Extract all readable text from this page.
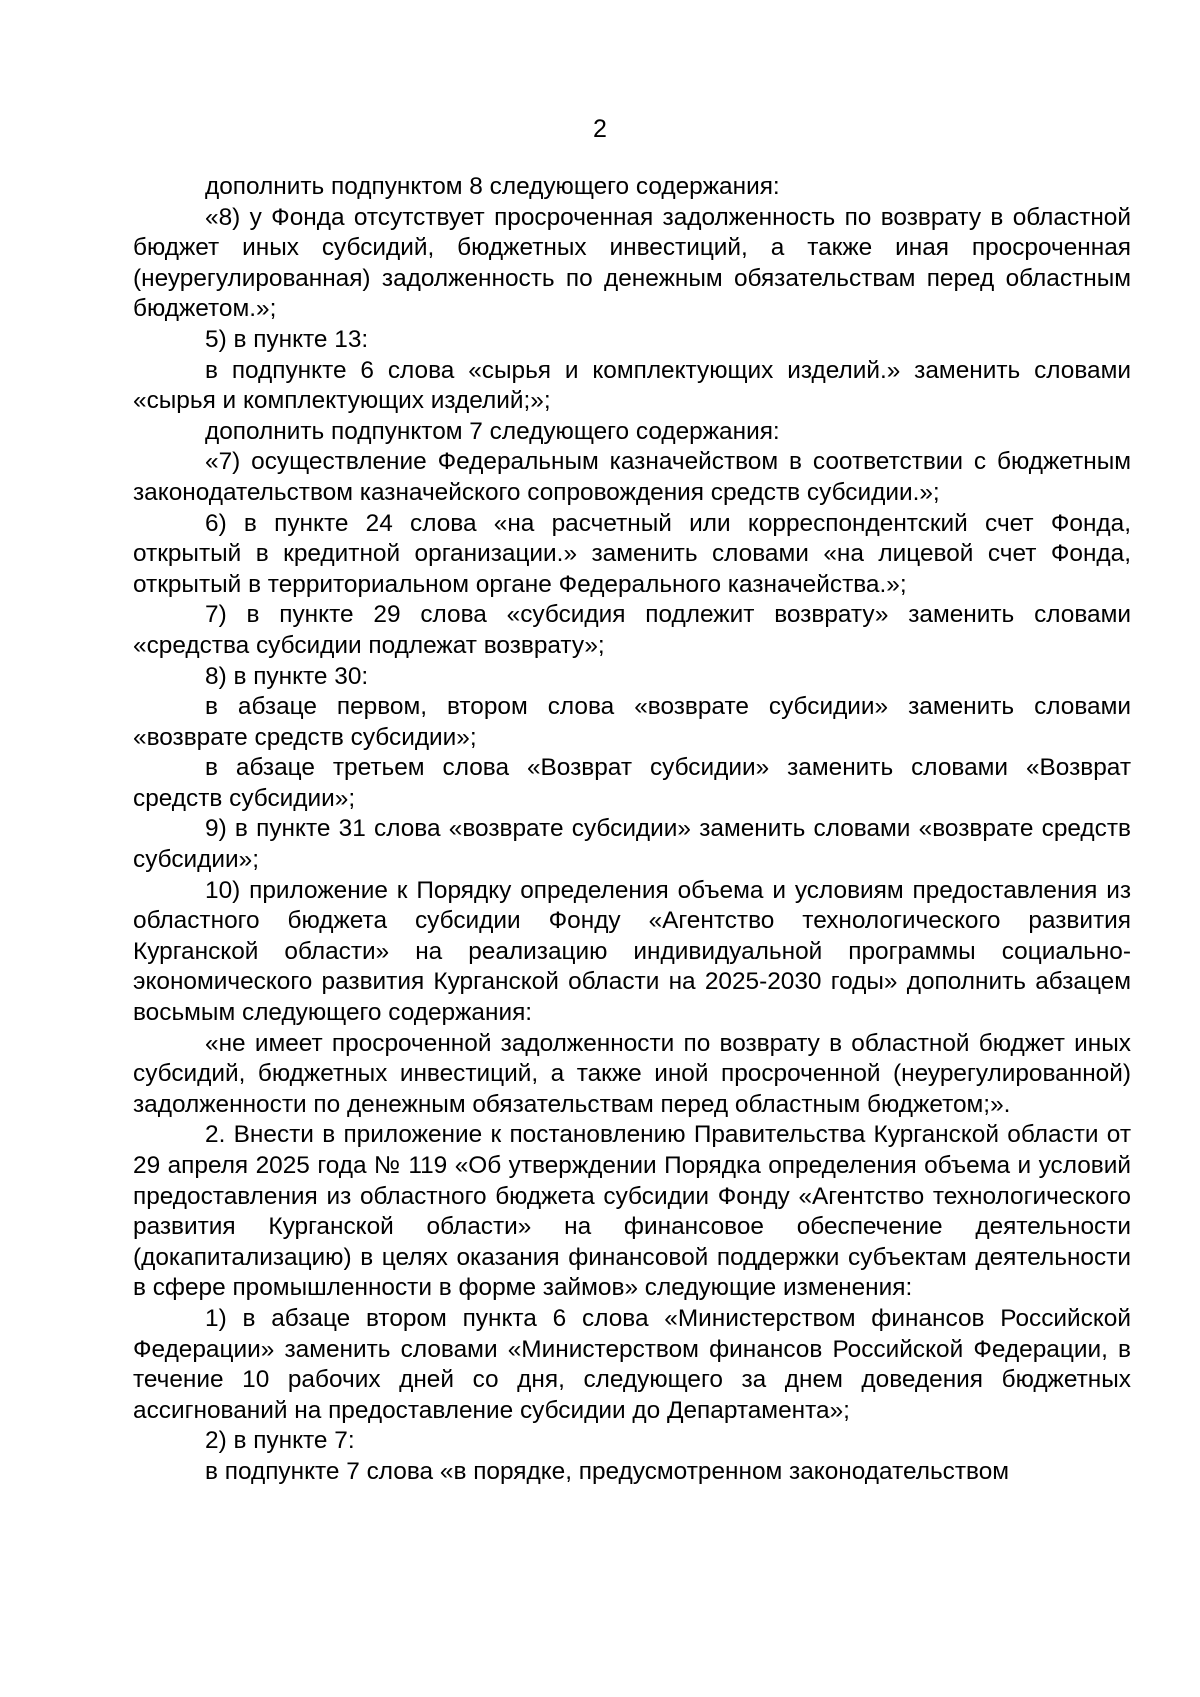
2

дополнить подпунктом 8 следующего содержания:

«8) у Фонда отсутствует просроченная задолженность по возврату в областной бюджет иных субсидий, бюджетных инвестиций, а также иная просроченная (неурегулированная) задолженность по денежным обязательствам перед областным бюджетом.»;

5) в пункте 13:

в подпункте 6 слова «сырья и комплектующих изделий.» заменить словами «сырья и комплектующих изделий;»;

дополнить подпунктом 7 следующего содержания:

«7) осуществление Федеральным казначейством в соответствии с бюджетным законодательством казначейского сопровождения средств субсидии.»;

6) в пункте 24 слова «на расчетный или корреспондентский счет Фонда, открытый в кредитной организации.» заменить словами «на лицевой счет Фонда, открытый в территориальном органе Федерального казначейства.»;

7) в пункте 29 слова «субсидия подлежит возврату» заменить словами «средства субсидии подлежат возврату»;

8) в пункте 30:

в абзаце первом, втором слова «возврате субсидии» заменить словами «возврате средств субсидии»;

в абзаце третьем слова «Возврат субсидии» заменить словами «Возврат средств субсидии»;

9) в пункте 31 слова «возврате субсидии» заменить словами «возврате средств субсидии»;

10) приложение к Порядку определения объема и условиям предоставления из областного бюджета субсидии Фонду «Агентство технологического развития Курганской области» на реализацию индивидуальной программы социально-экономического развития Курганской области на 2025-2030 годы» дополнить абзацем восьмым следующего содержания:

«не имеет просроченной задолженности по возврату в областной бюджет иных субсидий, бюджетных инвестиций, а также иной просроченной (неурегулированной) задолженности по денежным обязательствам перед областным бюджетом;».

2. Внести в приложение к постановлению Правительства Курганской области от 29 апреля 2025 года № 119 «Об утверждении Порядка определения объема и условий предоставления из областного бюджета субсидии Фонду «Агентство технологического развития Курганской области» на финансовое обеспечение деятельности (докапитализацию) в целях оказания финансовой поддержки субъектам деятельности в сфере промышленности в форме займов» следующие изменения:

1) в абзаце втором пункта 6 слова «Министерством финансов Российской Федерации» заменить словами «Министерством финансов Российской Федерации, в течение 10 рабочих дней со дня, следующего за днем доведения бюджетных ассигнований на предоставление субсидии до Департамента»;

2) в пункте 7:

в подпункте 7 слова «в порядке, предусмотренном законодательством
